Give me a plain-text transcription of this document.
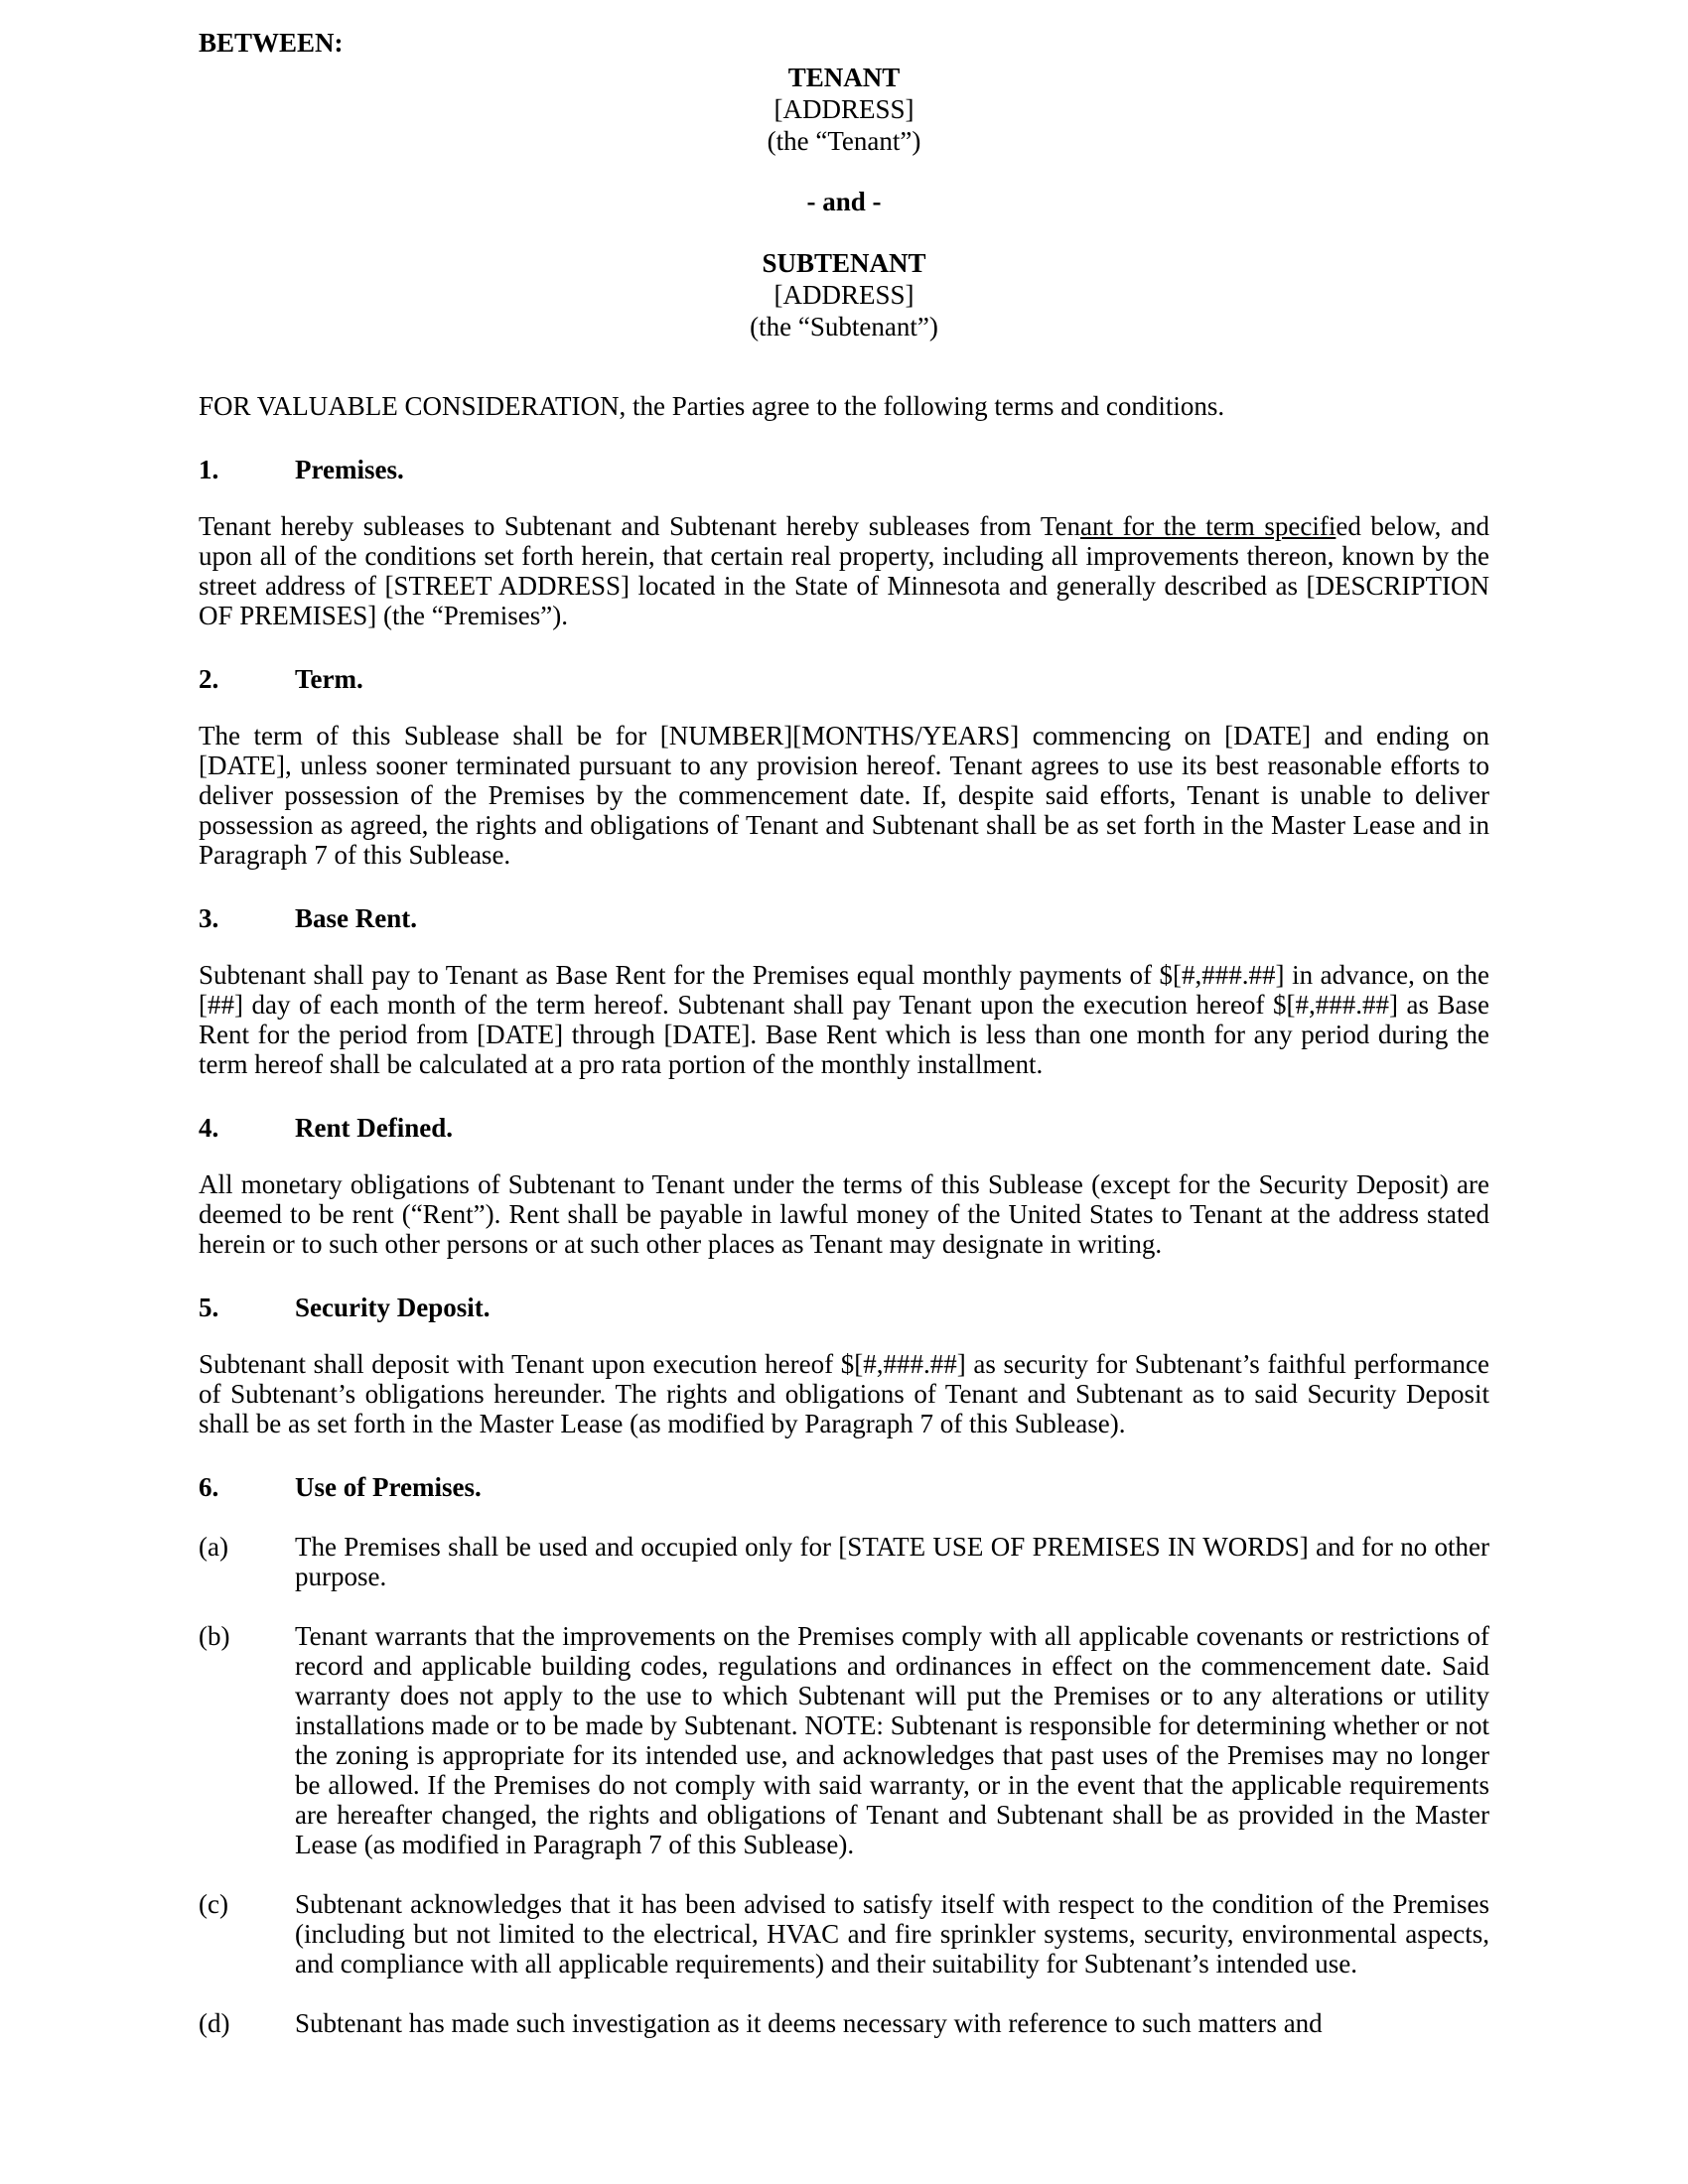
BETWEEN:
TENANT
[ADDRESS]
(the “Tenant”)
- and -
SUBTENANT
[ADDRESS]
(the “Subtenant”)
FOR VALUABLE CONSIDERATION, the Parties agree to the following terms and conditions.
1.	Premises.

Tenant hereby subleases to Subtenant and Subtenant hereby subleases from Tenant for the term specified below, and upon all of the conditions set forth herein, that certain real property, including all improvements thereon, known by the street address of [STREET ADDRESS] located in the State of Minnesota and generally described as [DESCRIPTION OF PREMISES] (the “Premises”).

2.	Term.

The term of this Sublease shall be for [NUMBER][MONTHS/YEARS] commencing on [DATE] and ending on [DATE], unless sooner terminated pursuant to any provision hereof. Tenant agrees to use its best reasonable efforts to deliver possession of the Premises by the commencement date. If, despite said efforts, Tenant is unable to deliver possession as agreed, the rights and obligations of Tenant and Subtenant shall be as set forth in the Master Lease and in Paragraph 7 of this Sublease.

3.	Base Rent.

Subtenant shall pay to Tenant as Base Rent for the Premises equal monthly payments of $[#,###.##] in advance, on the [##] day of each month of the term hereof. Subtenant shall pay Tenant upon the execution hereof $[#,###.##] as Base Rent for the period from [DATE] through [DATE]. Base Rent which is less than one month for any period during the term hereof shall be calculated at a pro rata portion of the monthly installment.

4.	Rent Defined.

All monetary obligations of Subtenant to Tenant under the terms of this Sublease (except for the Security Deposit) are deemed to be rent (“Rent”). Rent shall be payable in lawful money of the United States to Tenant at the address stated herein or to such other persons or at such other places as Tenant may designate in writing.

5.	Security Deposit.

Subtenant shall deposit with Tenant upon execution hereof $[#,###.##] as security for Subtenant’s faithful performance of Subtenant’s obligations hereunder. The rights and obligations of Tenant and Subtenant as to said Security Deposit shall be as set forth in the Master Lease (as modified by Paragraph 7 of this Sublease).

6.	Use of Premises.
(a)	The Premises shall be used and occupied only for [STATE USE OF PREMISES IN WORDS] and for no other purpose.
(b)	Tenant warrants that the improvements on the Premises comply with all applicable covenants or restrictions of record and applicable building codes, regulations and ordinances in effect on the commencement date. Said warranty does not apply to the use to which Subtenant will put the Premises or to any alterations or utility installations made or to be made by Subtenant. NOTE: Subtenant is responsible for determining whether or not the zoning is appropriate for its intended use, and acknowledges that past uses of the Premises may no longer be allowed. If the Premises do not comply with said warranty, or in the event that the applicable requirements are hereafter changed, the rights and obligations of Tenant and Subtenant shall be as provided in the Master Lease (as modified in Paragraph 7 of this Sublease).
(c)	Subtenant acknowledges that it has been advised to satisfy itself with respect to the condition of the Premises (including but not limited to the electrical, HVAC and fire sprinkler systems, security, environmental aspects, and compliance with all applicable requirements) and their suitability for Subtenant’s intended use.
(d)	Subtenant has made such investigation as it deems necessary with reference to such matters and
